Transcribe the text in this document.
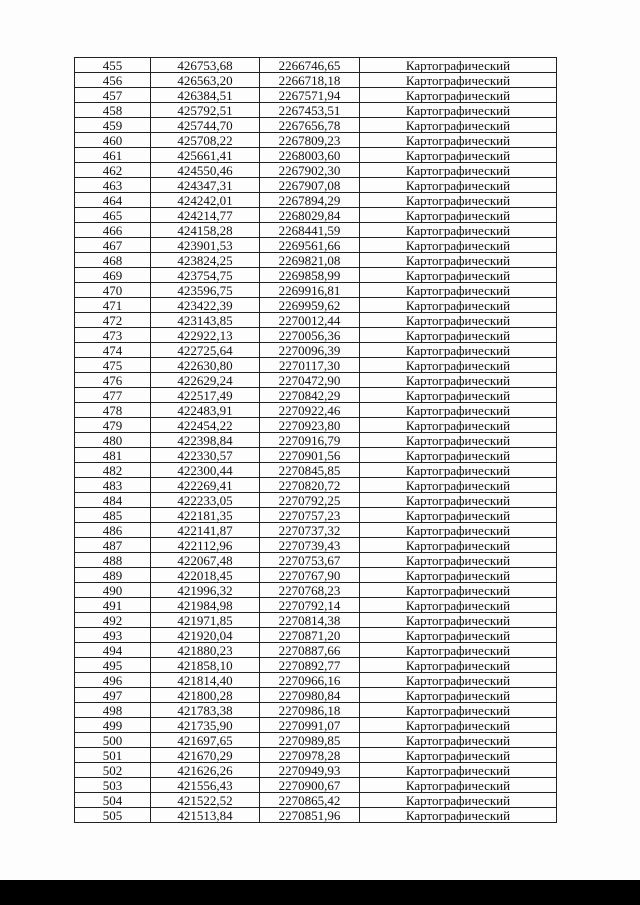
455	426753,68	2266746,65	Картографический
456	426563,20	2266718,18	Картографический
457	426384,51	2267571,94	Картографический
458	425792,51	2267453,51	Картографический
459	425744,70	2267656,78	Картографический
460	425708,22	2267809,23	Картографический
461	425661,41	2268003,60	Картографический
462	424550,46	2267902,30	Картографический
463	424347,31	2267907,08	Картографический
464	424242,01	2267894,29	Картографический
465	424214,77	2268029,84	Картографический
466	424158,28	2268441,59	Картографический
467	423901,53	2269561,66	Картографический
468	423824,25	2269821,08	Картографический
469	423754,75	2269858,99	Картографический
470	423596,75	2269916,81	Картографический
471	423422,39	2269959,62	Картографический
472	423143,85	2270012,44	Картографический
473	422922,13	2270056,36	Картографический
474	422725,64	2270096,39	Картографический
475	422630,80	2270117,30	Картографический
476	422629,24	2270472,90	Картографический
477	422517,49	2270842,29	Картографический
478	422483,91	2270922,46	Картографический
479	422454,22	2270923,80	Картографический
480	422398,84	2270916,79	Картографический
481	422330,57	2270901,56	Картографический
482	422300,44	2270845,85	Картографический
483	422269,41	2270820,72	Картографический
484	422233,05	2270792,25	Картографический
485	422181,35	2270757,23	Картографический
486	422141,87	2270737,32	Картографический
487	422112,96	2270739,43	Картографический
488	422067,48	2270753,67	Картографический
489	422018,45	2270767,90	Картографический
490	421996,32	2270768,23	Картографический
491	421984,98	2270792,14	Картографический
492	421971,85	2270814,38	Картографический
493	421920,04	2270871,20	Картографический
494	421880,23	2270887,66	Картографический
495	421858,10	2270892,77	Картографический
496	421814,40	2270966,16	Картографический
497	421800,28	2270980,84	Картографический
498	421783,38	2270986,18	Картографический
499	421735,90	2270991,07	Картографический
500	421697,65	2270989,85	Картографический
501	421670,29	2270978,28	Картографический
502	421626,26	2270949,93	Картографический
503	421556,43	2270900,67	Картографический
504	421522,52	2270865,42	Картографический
505	421513,84	2270851,96	Картографический
